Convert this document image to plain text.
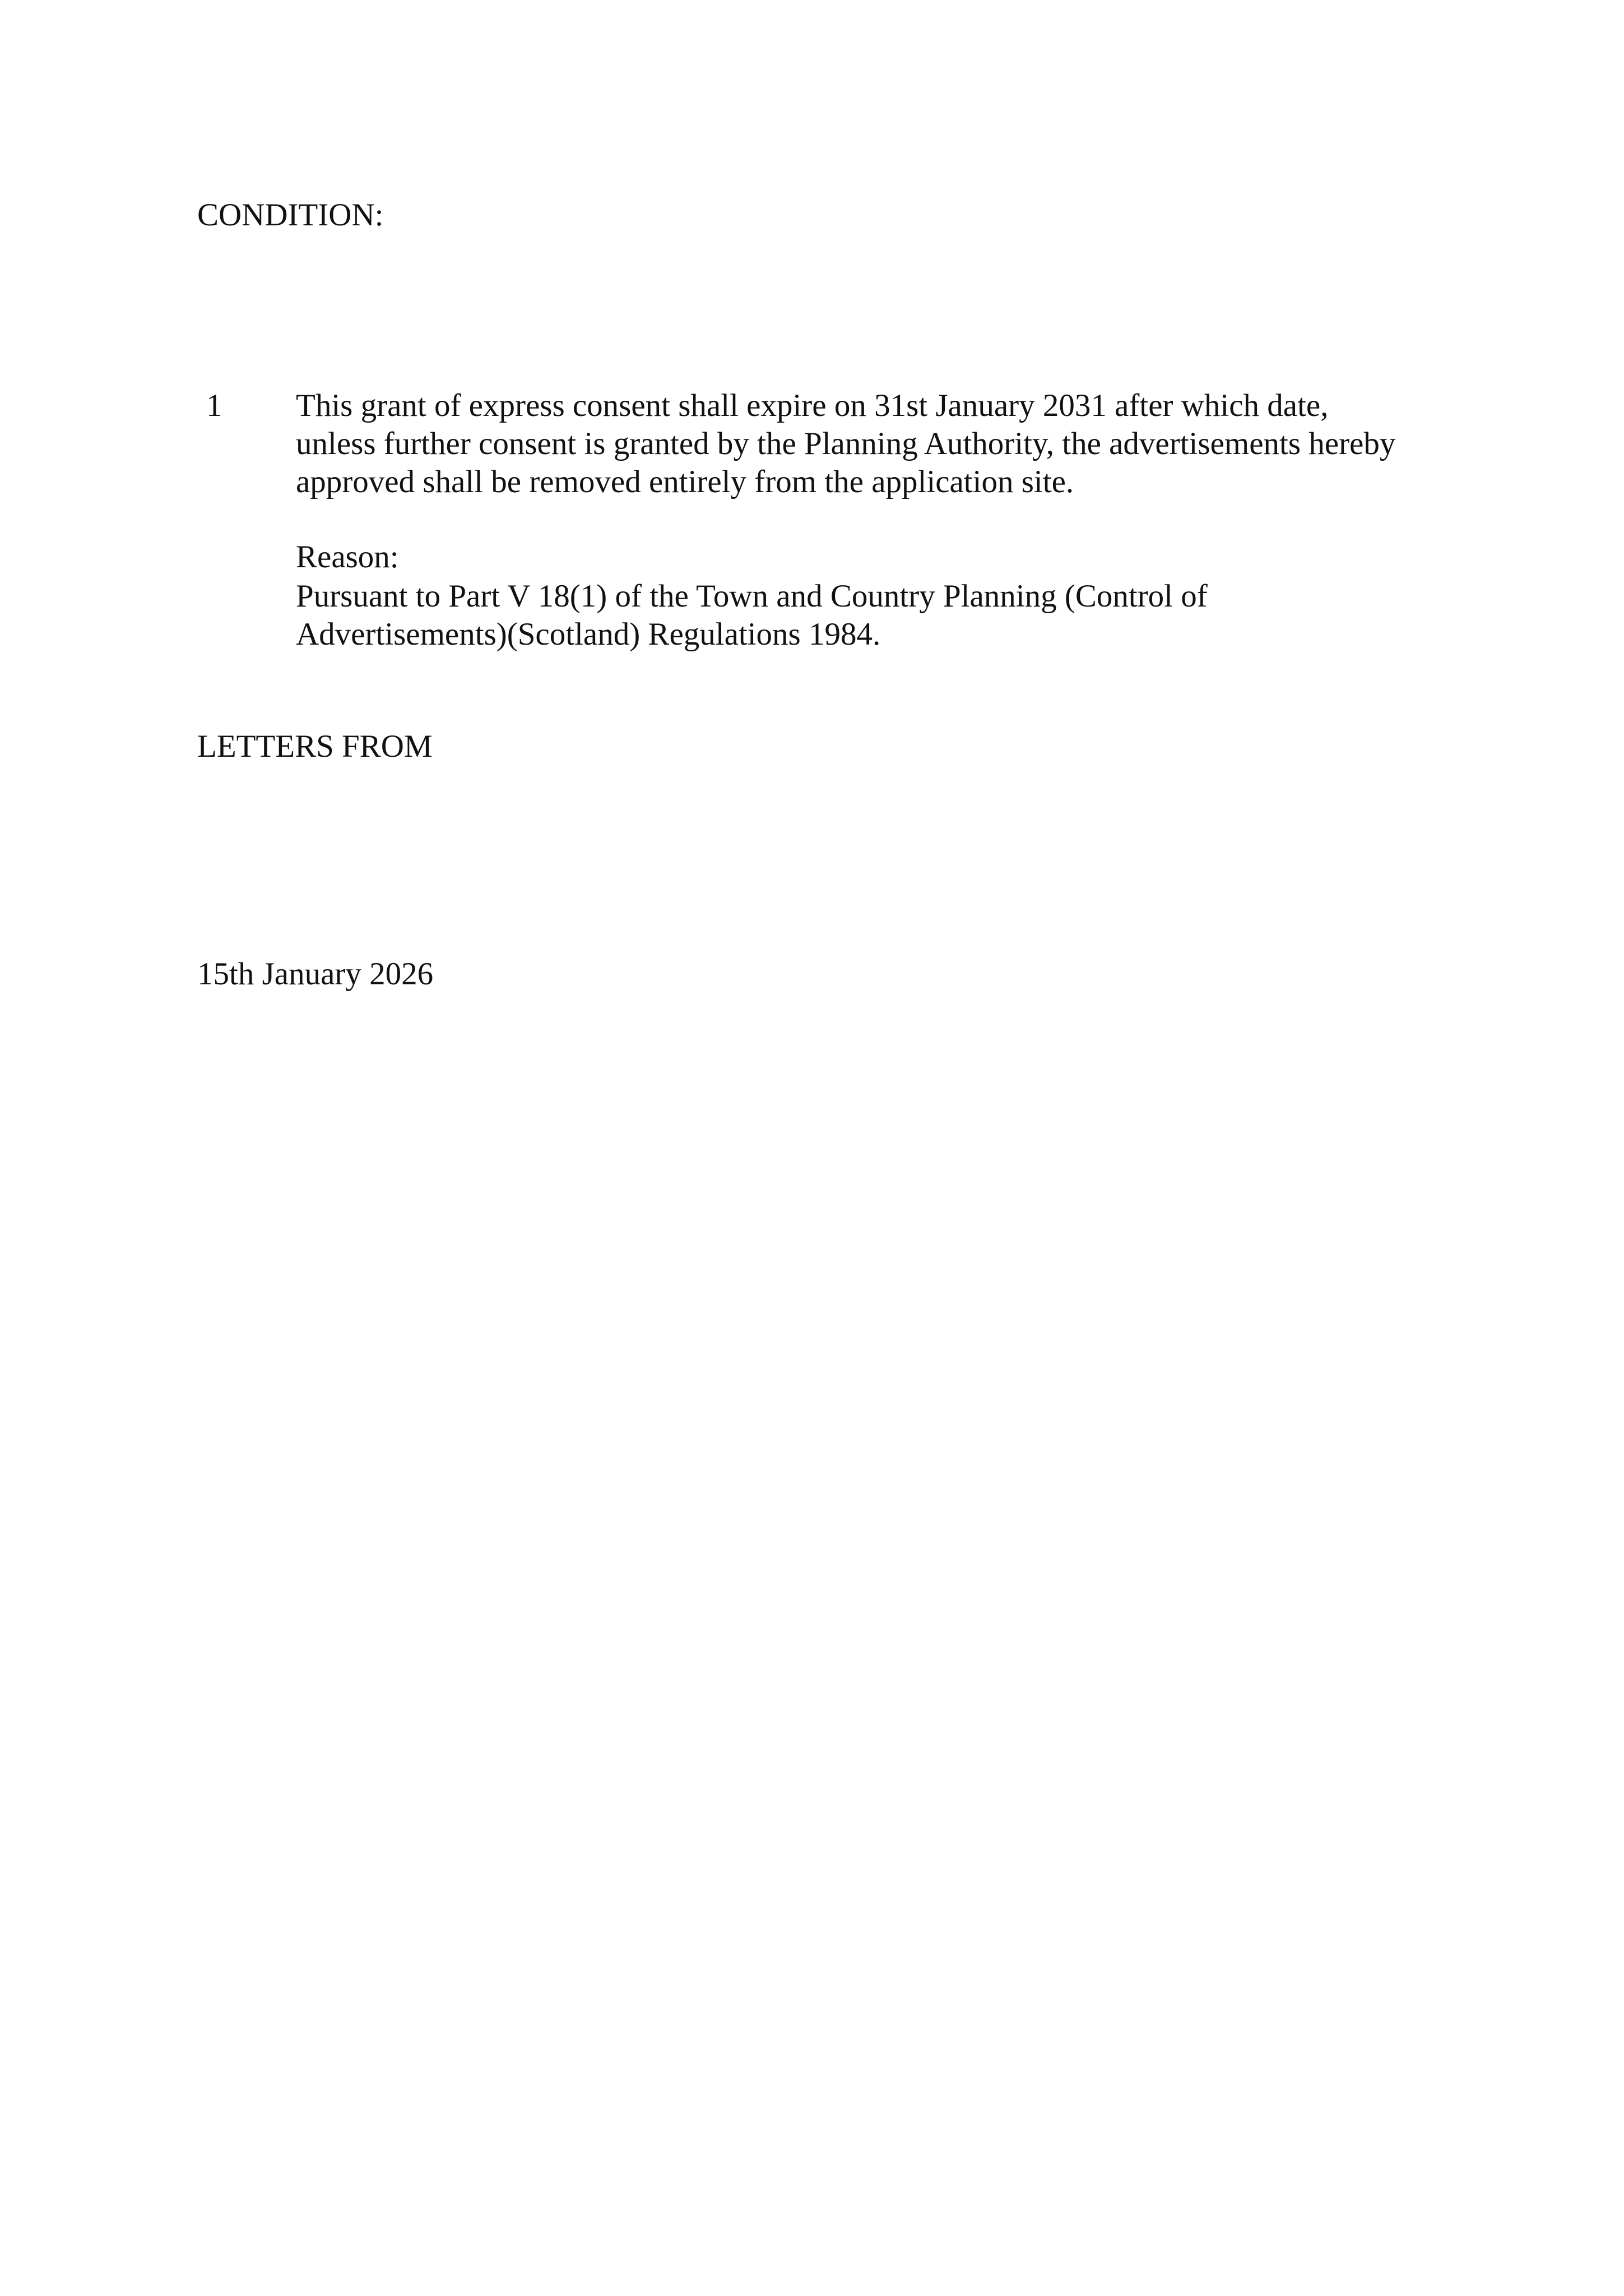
CONDITION:

1 This grant of express consent shall expire on 31st January 2031 after which date,
unless further consent is granted by the Planning Authority, the advertisements hereby
approved shall be removed entirely from the application site.

Reason:

Pursuant to Part V 18(1) of the Town and Country Planning (Control of
Advertisements)(Scotland) Regulations 1984.

LETTERS FROM

15th January 2026
